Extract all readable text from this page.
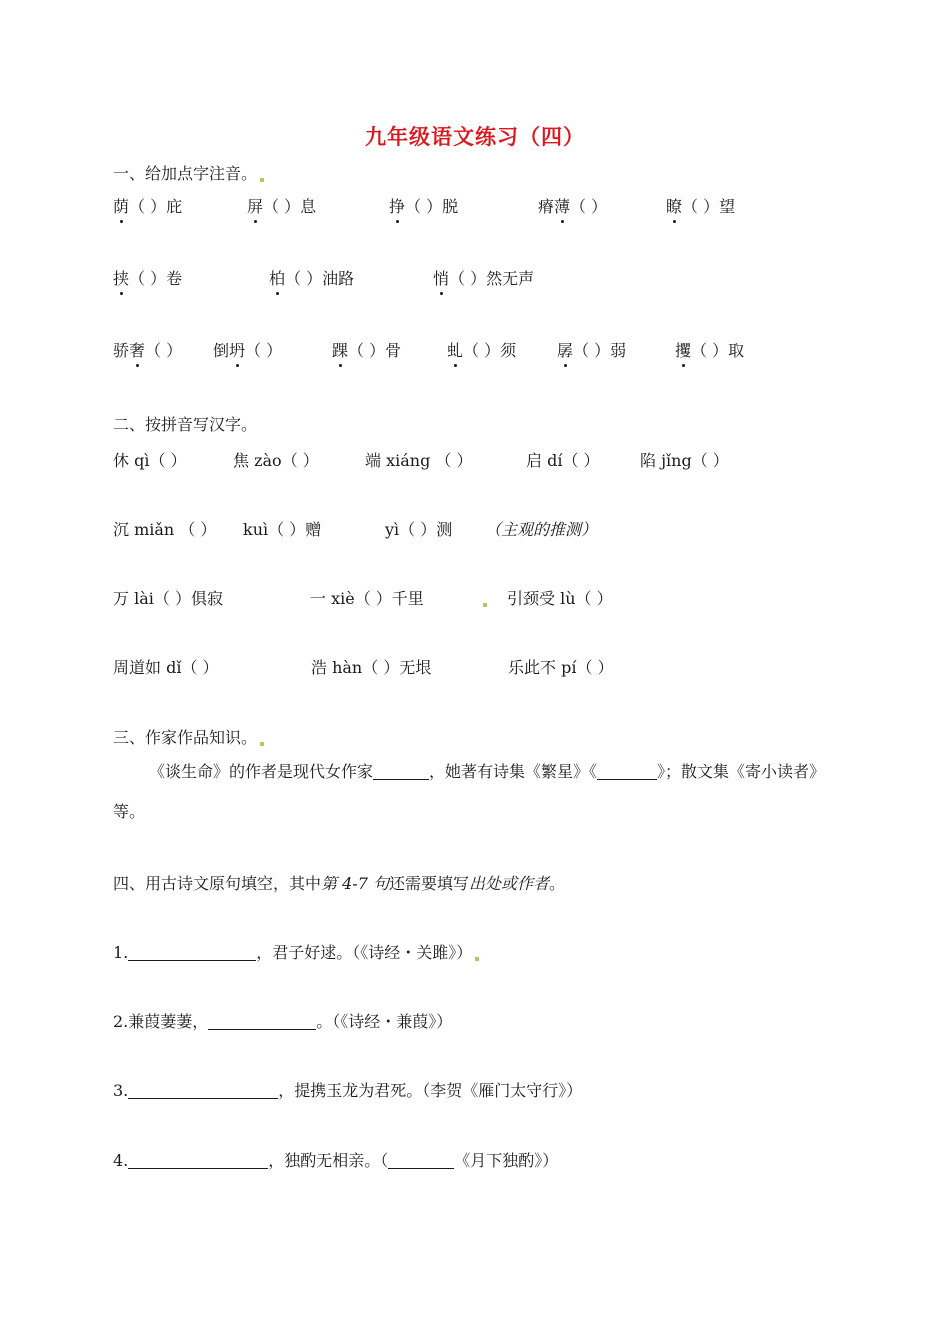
九年级语文练习（四）
一、给加点字注音。
荫（ ）庇	屏（ ）息	挣（ ）脱	瘠薄（ ）	瞭（ ）望
挟（ ）卷	柏（ ）油路	悄（ ）然无声
骄奢（ ） 倒坍（ ）	踝（ ）骨	虬（ ）须	孱（ ）弱	攫（ ）取
二、按拼音写汉字。
休 qì（ ）	焦 zào（ ）	端 xiáng （ ）	启 dí（ ）	陷 jǐng（ ）
沉 miǎn （ ） kuì（ ）赠	yì（ ）测 （主观的推测）
万 lài（ ）俱寂	一 xiè（ ）千里	引颈受 lù（ ）
周道如 dǐ（ ）	浩 hàn（ ）无垠	乐此不 pí（ ）
三、作家作品知识。
《谈生命》的作者是现代女作家	，她著有诗集《繁星》《	》；散文集《寄小读者》等。
四、用古诗文原句填空，其中第 4-7 句还需要填写出处或作者。
1.	，君子好逑。（《诗经・关雎》）
2.兼葭萋萋，	。（《诗经・兼葭》）
3.	，提携玉龙为君死。（李贺《雁门太守行》）
4.	，独酌无相亲。（	《月下独酌》）
